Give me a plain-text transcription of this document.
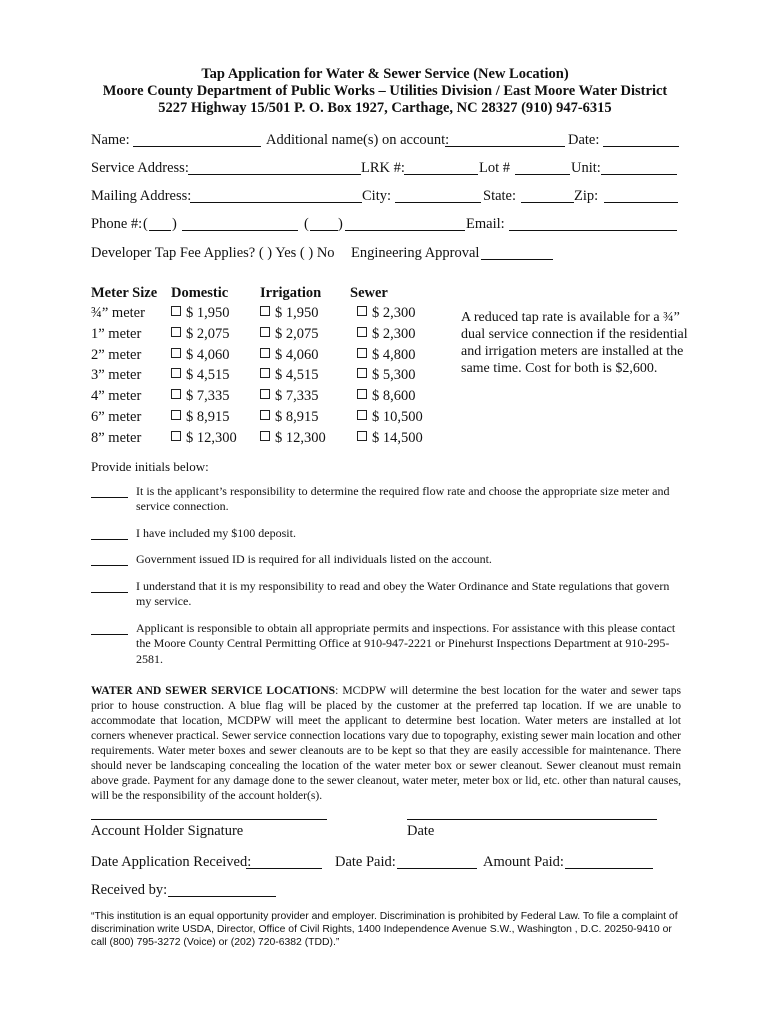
Tap Application for Water & Sewer Service (New Location)
Moore County Department of Public Works – Utilities Division / East Moore Water District
5227 Highway 15/501 P. O. Box 1927, Carthage, NC 28327 (910) 947-6315
Name:	Additional name(s) on account:	Date:
Service Address:	LRK #:	Lot #	Unit:
Mailing Address:	City:	State:	Zip:
Phone #: ( )	( )	Email:
Developer Tap Fee Applies? ( ) Yes ( ) No Engineering Approval
Meter Size Domestic Irrigation Sewer
¾” meter	$ 1,950	$ 1,950	$ 2,300
1” meter	$ 2,075	$ 2,075	$ 2,300
2” meter	$ 4,060	$ 4,060	$ 4,800
3” meter	$ 4,515	$ 4,515	$ 5,300
4” meter	$ 7,335	$ 7,335	$ 8,600
6” meter	$ 8,915	$ 8,915	$ 10,500
8” meter	$ 12,300	$ 12,300	$ 14,500
A reduced tap rate is available for a ¾” dual service connection if the residential and irrigation meters are installed at the same time. Cost for both is $2,600.
Provide initials below:
It is the applicant’s responsibility to determine the required flow rate and choose the appropriate size meter and service connection.
I have included my $100 deposit.
Government issued ID is required for all individuals listed on the account.
I understand that it is my responsibility to read and obey the Water Ordinance and State regulations that govern my service.
Applicant is responsible to obtain all appropriate permits and inspections. For assistance with this please contact the Moore County Central Permitting Office at 910-947-2221 or Pinehurst Inspections Department at 910-295-2581.
WATER AND SEWER SERVICE LOCATIONS: MCDPW will determine the best location for the water and sewer taps prior to house construction. A blue flag will be placed by the customer at the preferred tap location. If we are unable to accommodate that location, MCDPW will meet the applicant to determine best location. Water meters are installed at lot corners whenever practical. Sewer service connection locations vary due to topography, existing sewer main location and other requirements. Water meter boxes and sewer cleanouts are to be kept so that they are easily accessible for maintenance. There should never be landscaping concealing the location of the water meter box or sewer cleanout. Sewer cleanout must remain above grade. Payment for any damage done to the sewer cleanout, water meter, meter box or lid, etc. other than natural causes, will be the responsibility of the account holder(s).
Account Holder Signature	Date
Date Application Received:	Date Paid:	Amount Paid:
Received by:
“This institution is an equal opportunity provider and employer. Discrimination is prohibited by Federal Law. To file a complaint of discrimination write USDA, Director, Office of Civil Rights, 1400 Independence Avenue S.W., Washington , D.C. 20250-9410 or call (800) 795-3272 (Voice) or (202) 720-6382 (TDD).”
